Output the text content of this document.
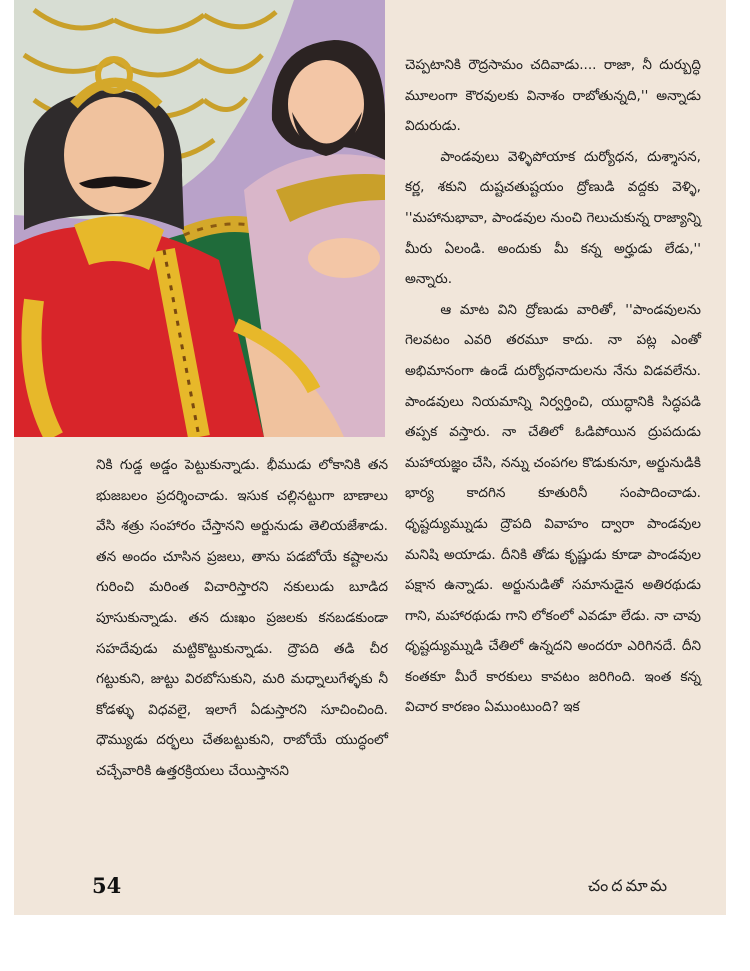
చెప్పటానికి రౌద్రసామం చదివాడు.... రాజా, నీ దుర్బుద్ధి మూలంగా కౌరవులకు వినాశం రాబోతున్నది,'' అన్నాడు విదురుడు.

పాండవులు వెళ్ళిపోయాక దుర్యోధన, దుశ్శాసన, కర్ణ, శకుని దుష్టచతుష్టయం ద్రోణుడి వద్దకు వెళ్ళి, ''మహానుభావా, పాండవుల నుంచి గెలుచుకున్న రాజ్యాన్ని మీరు ఏలండి. అందుకు మీ కన్న అర్హుడు లేడు,'' అన్నారు.

ఆ మాట విని ద్రోణుడు వారితో, ''పాండవులను గెలవటం ఎవరి తరమూ కాదు. నా పట్ల ఎంతో అభిమానంగా ఉండే దుర్యోధనాదులను నేను విడవలేను. పాండవులు నియమాన్ని నిర్వర్తించి, యుద్ధానికి సిద్ధపడి తప్పక వస్తారు. నా చేతిలో ఓడిపోయిన ద్రుపదుడు మహాయజ్ఞం చేసి, నన్ను చంపగల కొడుకునూ, అర్జునుడికి భార్య కాదగిన కూతురినీ సంపాదించాడు. ధృష్టద్యుమ్నుడు ద్రౌపది వివాహం ద్వారా పాండవుల మనిషి అయాడు. దీనికి తోడు కృష్ణుడు కూడా పాండవుల పక్షాన ఉన్నాడు. అర్జునుడితో సమానుడైన అతిరథుడు గాని, మహారథుడు గాని లోకంలో ఎవడూ లేడు. నా చావు ధృష్టద్యుమ్నుడి చేతిలో ఉన్నదని అందరూ ఎరిగినదే. దీని కంతకూ మీరే కారకులు కావటం జరిగింది. ఇంత కన్న విచార కారణం ఏముంటుంది? ఇక

నికి గుడ్డ అడ్డం పెట్టుకున్నాడు. భీముడు లోకానికి తన భుజబలం ప్రదర్శించాడు. ఇసుక చల్లినట్టుగా బాణాలు వేసి శత్రు సంహారం చేస్తానని అర్జునుడు తెలియజేశాడు. తన అందం చూసిన ప్రజలు, తాను పడబోయే కష్టాలను గురించి మరింత విచారిస్తారని నకులుడు బూడిద పూసుకున్నాడు. తన దుఃఖం ప్రజలకు కనబడకుండా సహదేవుడు మట్టికొట్టుకున్నాడు. ద్రౌపది తడి చీర గట్టుకుని, జుట్టు విరబోసుకుని, మరి మధ్నాలుగేళ్ళకు నీ కోడళ్ళు విధవలై, ఇలాగే ఏడుస్తారని సూచించింది. ధౌమ్యుడు దర్భలు చేతబట్టుకుని, రాబోయే యుద్ధంలో చచ్చేవారికి ఉత్తరక్రియలు చేయిస్తానని

54	చందమామ
